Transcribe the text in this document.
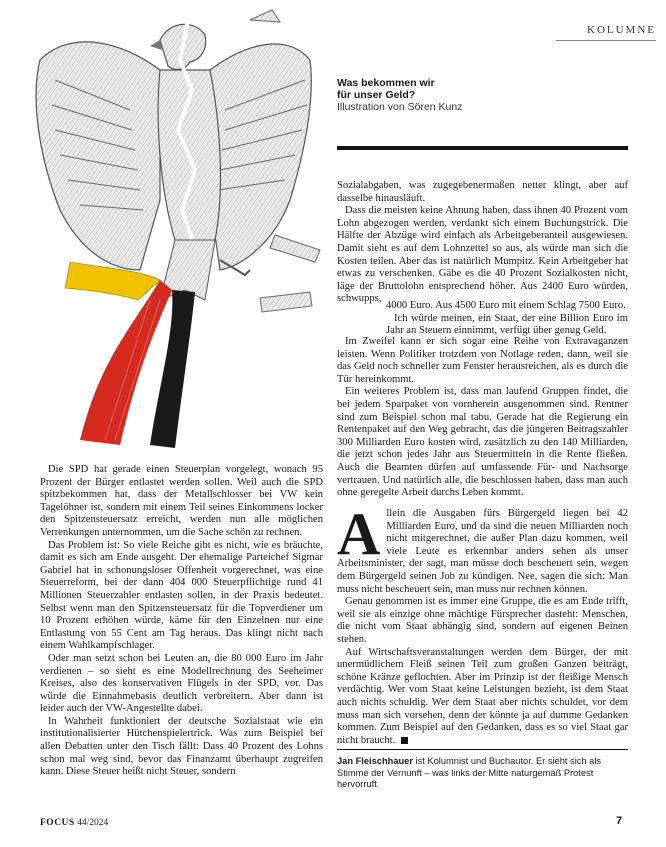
KOLUMNE
Was bekommen wir
für unser Geld?
Illustration von Sören Kunz

Die SPD hat gerade einen Steuerplan vorgelegt, wonach 95 Prozent der Bürger entlastet werden sollen. Weil auch die SPD spitzbekommen hat, dass der Metallschlosser bei VW kein Tagelöhner ist, sondern mit einem Teil seines Einkommens locker den Spitzensteuersatz erreicht, werden nun alle möglichen Verrenkungen unternommen, um die Sache schön zu rechnen.

Das Problem ist: So viele Reiche gibt es nicht, wie es bräuchte, damit es sich am Ende ausgeht. Der ehemalige Parteichef Sigmar Gabriel hat in schonungsloser Offenheit vorgerechnet, was eine Steuerreform, bei der dann 404 000 Steuerpflichtige rund 41 Millionen Steuerzahler entlasten sollen, in der Praxis bedeutet. Selbst wenn man den Spitzensteuersatz für die Topverdiener um 10 Prozent erhöhen würde, käme für den Einzelnen nur eine Entlastung von 55 Cent am Tag heraus. Das klingt nicht nach einem Wahlkampfschlager.

Oder man setzt schon bei Leuten an, die 80 000 Euro im Jahr verdienen – so sieht es eine Modellrechnung des Seeheimer Kreises, also des konservativen Flügels in der SPD, vor. Das würde die Einnahmebasis deutlich verbreitern. Aber dann ist leider auch der VW-Angestellte dabei.

In Wahrheit funktioniert der deutsche Sozialstaat wie ein institutionalisierter Hütchenspielertrick. Was zum Beispiel bei allen Debatten unter den Tisch fällt: Dass 40 Prozent des Lohns schon mal weg sind, bevor das Finanzamt überhaupt zugreifen kann. Diese Steuer heißt nicht Steuer, sondern

Sozialabgaben, was zugegebenermaßen netter klingt, aber auf dasselbe hinausläuft.

Dass die meisten keine Ahnung haben, dass ihnen 40 Prozent vom Lohn abgezogen werden, verdankt sich einem Buchungstrick. Die Hälfte der Abzüge wird einfach als Arbeitgeberanteil ausgewiesen. Damit sieht es auf dem Lohnzettel so aus, als würde man sich die Kosten teilen. Aber das ist natürlich Mumpitz. Kein Arbeitgeber hat etwas zu verschenken. Gäbe es die 40 Prozent Sozialkosten nicht, läge der Bruttolohn entsprechend höher. Aus 2400 Euro würden, schwupps,

4000 Euro. Aus 4500 Euro mit einem Schlag 7500 Euro.

Ich würde meinen, ein Staat, der eine Billion Euro im Jahr an Steuern einnimmt, verfügt über genug Geld.

Im Zweifel kann er sich sogar eine Reihe von Extravaganzen leisten. Wenn Politiker trotzdem von Notlage reden, dann, weil sie das Geld noch schneller zum Fenster herausreichen, als es durch die Tür hereinkommt.

Ein weiteres Problem ist, dass man laufend Gruppen findet, die bei jedem Sparpaket von vornherein ausgenommen sind. Rentner sind zum Beispiel schon mal tabu. Gerade hat die Regierung ein Rentenpaket auf den Weg gebracht, das die jüngeren Beitragszahler 300 Milliarden Euro kosten wird, zusätzlich zu den 140 Milliarden, die jetzt schon jedes Jahr aus Steuermitteln in die Rente fließen. Auch die Beamten dürfen auf umfassende Für- und Nachsorge vertrauen. Und natürlich alle, die beschlossen haben, dass man auch ohne geregelte Arbeit durchs Leben kommt.

Allein die Ausgaben fürs Bürgergeld liegen bei 42 Milliarden Euro, und da sind die neuen Milliarden noch nicht mitgerechnet, die außer Plan dazu kommen, weil viele Leute es erkennbar anders sehen als unser Arbeitsminister, der sagt, man müsse doch bescheuert sein, wegen dem Bürgergeld seinen Job zu kündigen. Nee, sagen die sich: Man muss nicht bescheuert sein, man muss nur rechnen können.

Genau genommen ist es immer eine Gruppe, die es am Ende trifft, weil sie als einzige ohne mächtige Fürsprecher dasteht: Menschen, die nicht vom Staat abhängig sind, sondern auf eigenen Beinen stehen.

Auf Wirtschaftsveranstaltungen werden dem Bürger, der mit unermüdlichem Fleiß seinen Teil zum großen Ganzen beiträgt, schöne Kränze geflochten. Aber im Prinzip ist der fleißige Mensch verdächtig. Wer vom Staat keine Leistungen bezieht, ist dem Staat auch nichts schuldig. Wer dem Staat aber nichts schuldet, vor dem muss man sich vorsehen, denn der könnte ja auf dumme Gedanken kommen. Zum Beispiel auf den Gedanken, dass es so viel Staat gar nicht braucht.

Jan Fleischhauer ist Kolumnist und Buchautor. Er sieht sich als Stimme der Vernunft – was links der Mitte naturgemäß Protest hervorruft
FOCUS 44/2024	7
